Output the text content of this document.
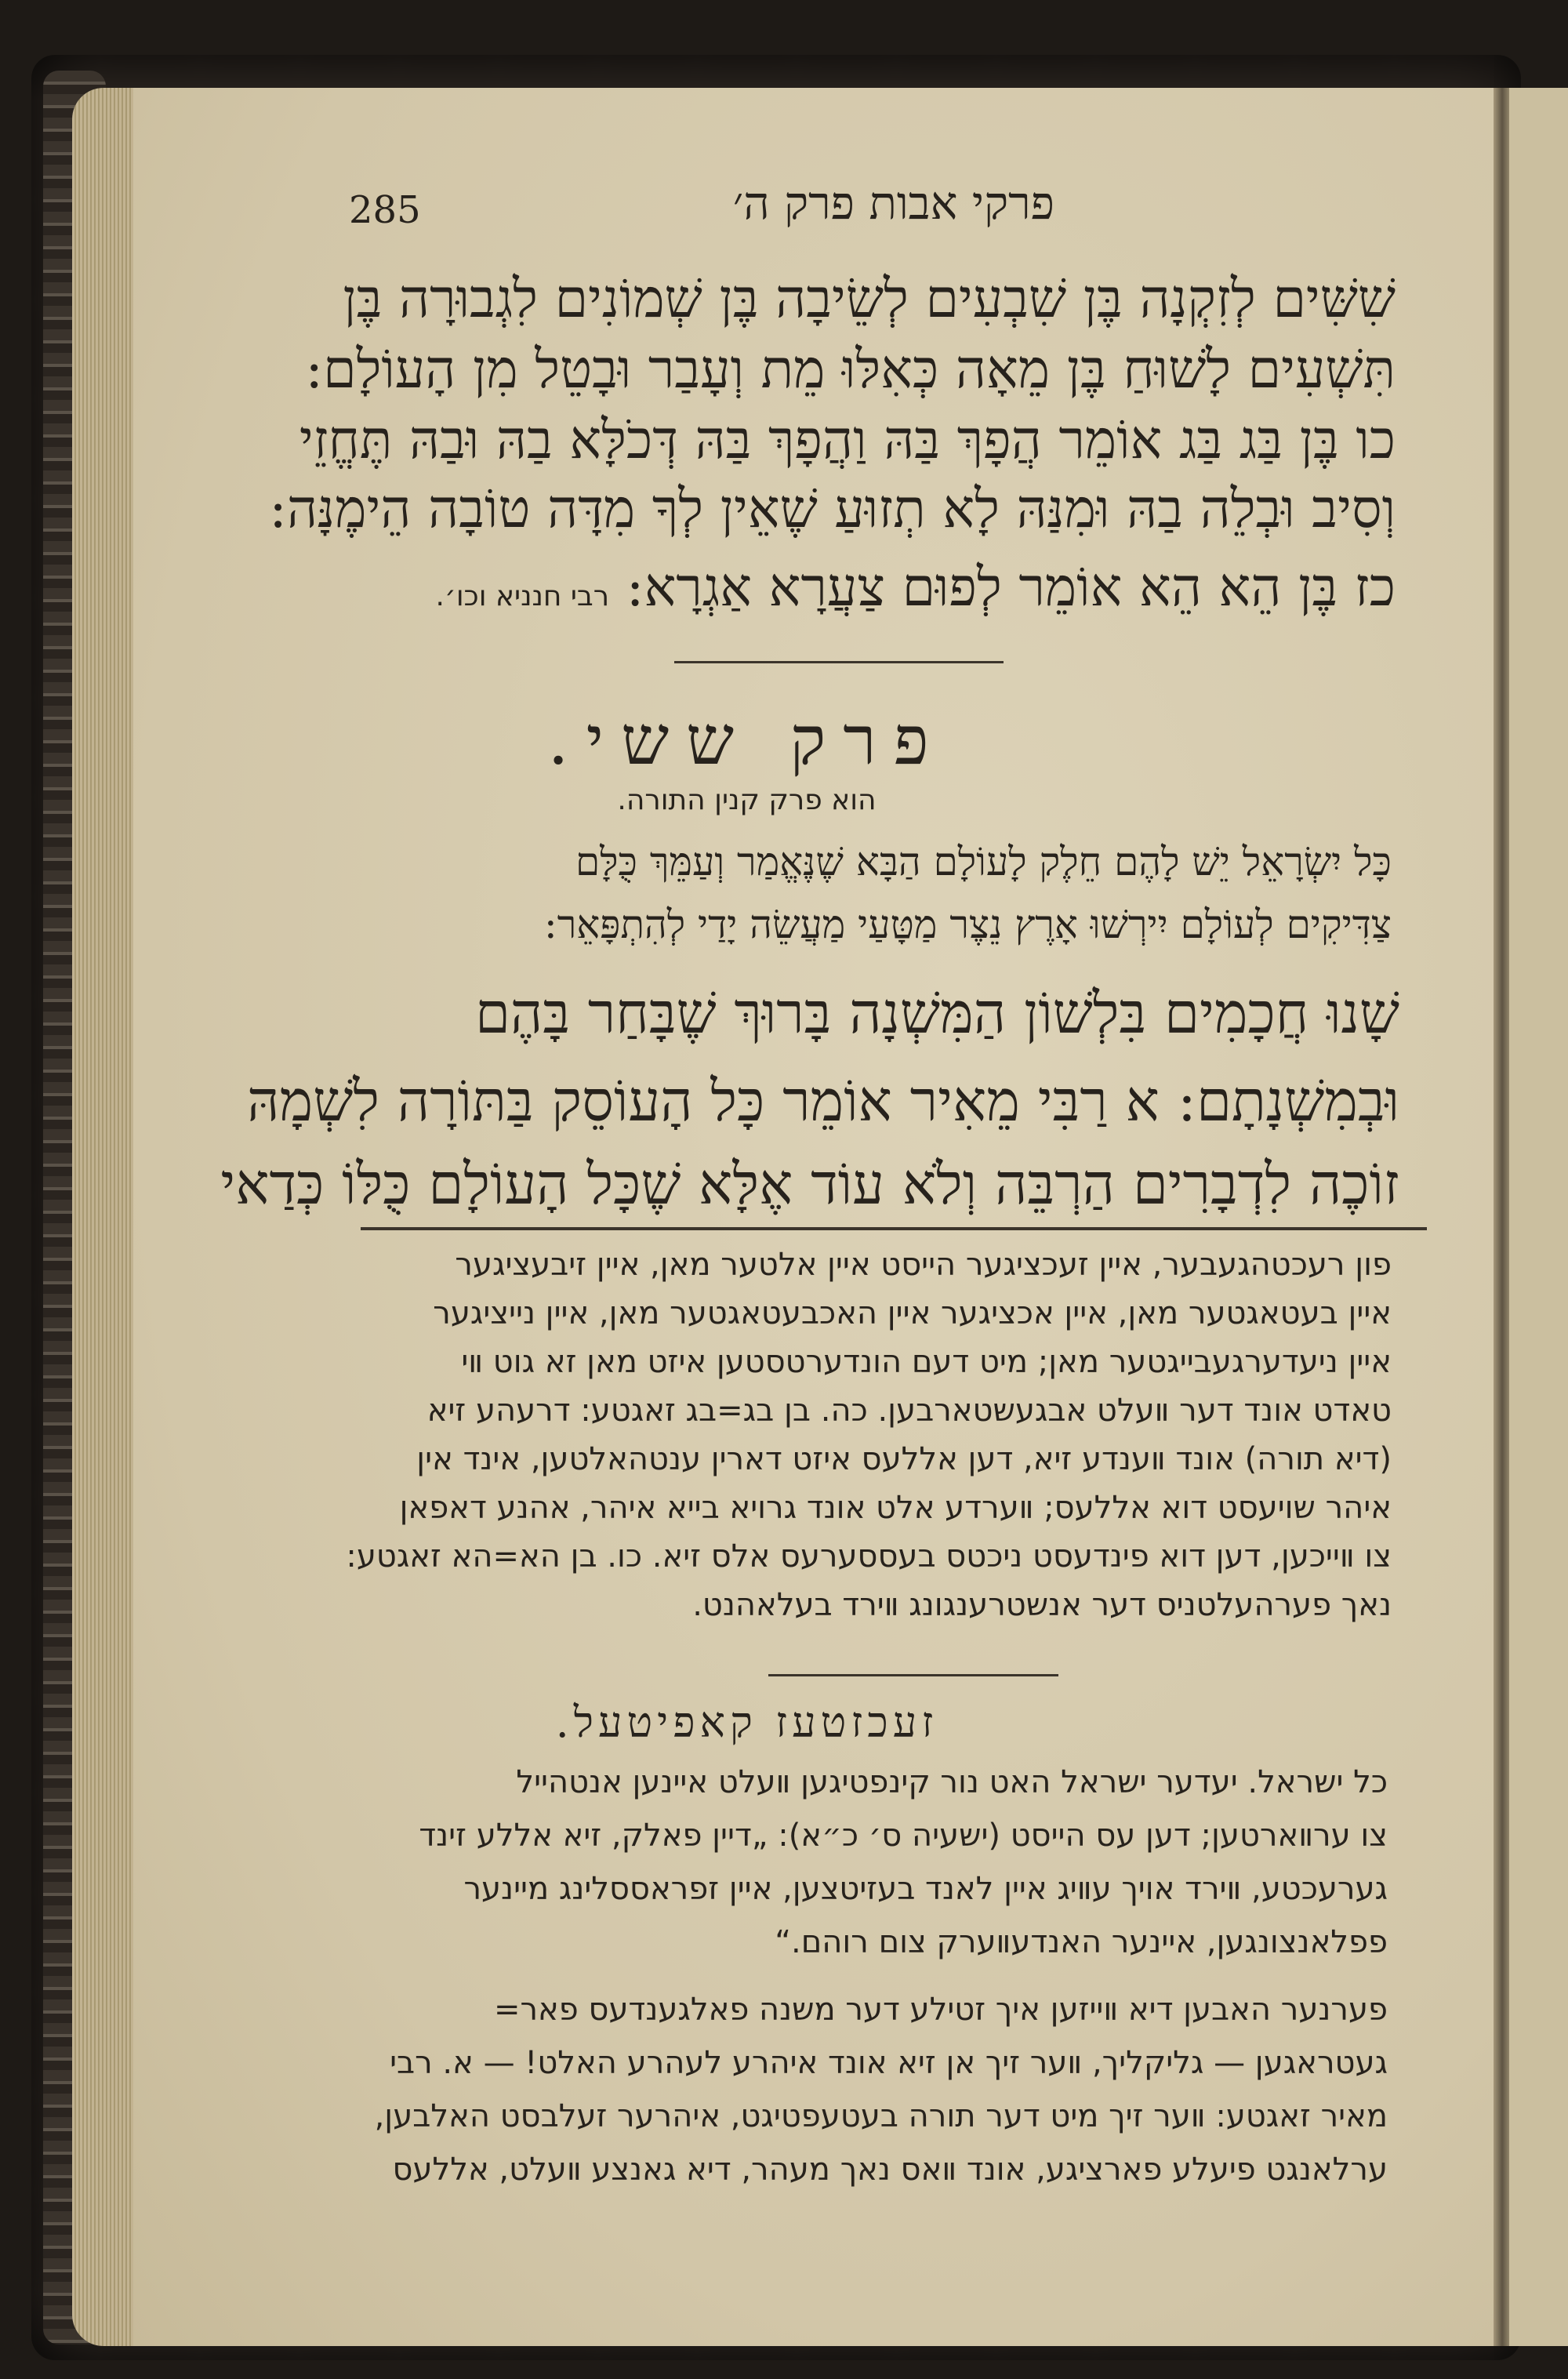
285	פרקי אבות פרק ה׳
שִׁשִּׁים לְזִקְנָה בֶּן שִׁבְעִים לְשֵׂיבָה בֶּן שְׁמוֹנִים לִגְבוּרָה בֶּן
תִּשְׁעִים לָשׁוּחַ בֶּן מֵאָה כְּאִלּוּ מֵת וְעָבַר וּבָטֵל מִן הָעוֹלָם:
כו בֶּן בַּג בַּג אוֹמֵר הֲפָךְ בַּהּ וַהֲפָךְ בַּהּ דְּכֹלָּא בַהּ וּבַהּ תֶּחֱזֵי
וְסִיב וּבְלֵה בַהּ וּמִנַּהּ לָא תְזוּעַ שֶׁאֵין לְךָ מִדָּה טוֹבָה הֵימֶנָּה:
כז בֶּן הֵא הֵא אוֹמֵר לְפוּם צַעֲרָא אַגְרָא: רבי חנניא וכו׳.
פרק ששי.
הוא פרק קנין התורה.
כָּל יִשְׂרָאֵל יֵשׁ לָהֶם חֵלֶק לָעוֹלָם הַבָּא שֶׁנֶּאֱמַר וְעַמֵּךְ כֻּלָּם
צַדִּיקִים לְעוֹלָם יִירְשׁוּ אָרֶץ נֵצֶר מַטָּעַי מַעֲשֵׂה יָדַי לְהִתְפָּאֵר:
שָׁנוּ חֲכָמִים בִּלְשׁוֹן הַמִּשְׁנָה בָּרוּךְ שֶׁבָּחַר בָּהֶם
וּבְמִשְׁנָתָם: א רַבִּי מֵאִיר אוֹמֵר כָּל הָעוֹסֵק בַּתּוֹרָה לִשְׁמָהּ
זוֹכֶה לִדְבָרִים הַרְבֵּה וְלֹא עוֹד אֶלָּא שֶׁכָּל הָעוֹלָם כֻּלּוֹ כְּדַאי
פון רעכטהגעבער, איין זעכציגער הייסט איין אלטער מאן, איין זיבעציגער
איין בעטאגטער מאן, איין אכציגער איין האכבעטאגטער מאן, איין נייציגער
איין ניעדערגעבייגטער מאן; מיט דעם הונדערטסטען איזט מאן זא גוט װי
טאדט אונד דער װעלט אבגעשטארבען. כה. בן בג=בג זאגטע: דרעהע זיא
(דיא תורה) אונד װענדע זיא, דען אללעס איזט דארין ענטהאלטען, אינד אין
איהר שויעסט דוא אללעס; װערדע אלט אונד גרויא בייא איהר, אהנע דאפאן
צו װייכען, דען דוא פינדעסט ניכטס בעססערעס אלס זיא. כו. בן הא=הא זאגטע:
נאך פערהעלטניס דער אנשטרענגונג װירד בעלאהנט.
זעכזטעז קאפיטעל.
כל ישראל. יעדער ישראל האט נור קינפטיגען װעלט איינען אנטהייל
צו ערװארטען; דען עס הייסט (ישעיה ס׳ כ״א): „דיין פאלק, זיא אללע זינד
גערעכטע, װירד אויך עװיג איין לאנד בעזיטצען, איין זפראססלינג מיינער
פפלאנצונגען, איינער האנדעװערק צום רוהם.“
פערנער האבען דיא װייזען איך זטילע דער משנה פאלגענדעס פאר=
געטראגען — גליקליך, װער זיך אן זיא אונד איהרע לעהרע האלט! — א. רבי
מאיר זאגטע: װער זיך מיט דער תורה בעטעפטיגט, איהרער זעלבסט האלבען,
ערלאנגט פיעלע פארציגע, אונד װאס נאך מעהר, דיא גאנצע װעלט, אללעס
